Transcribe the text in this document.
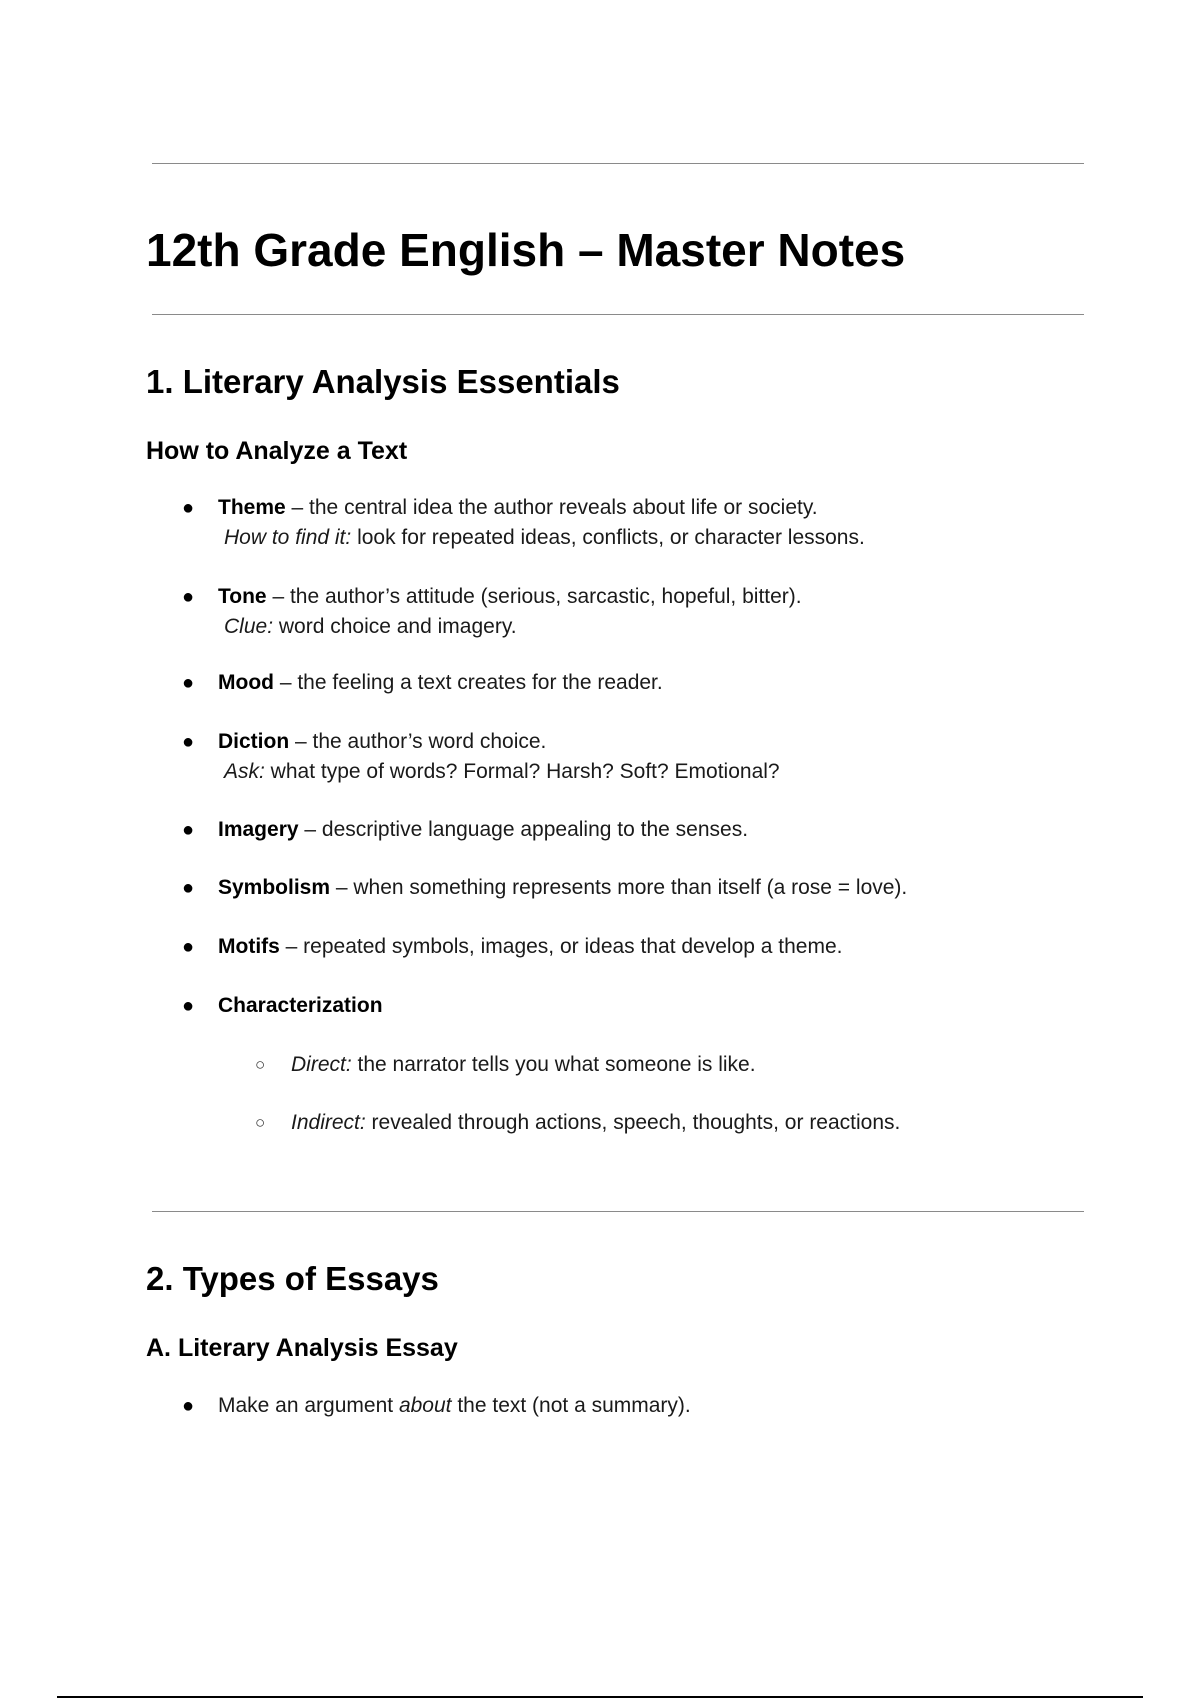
12th Grade English – Master Notes
1. Literary Analysis Essentials
How to Analyze a Text
● Theme – the central idea the author reveals about life or society.
How to find it: look for repeated ideas, conflicts, or character lessons.
● Tone – the author’s attitude (serious, sarcastic, hopeful, bitter).
Clue: word choice and imagery.
● Mood – the feeling a text creates for the reader.
● Diction – the author’s word choice.
Ask: what type of words? Formal? Harsh? Soft? Emotional?
● Imagery – descriptive language appealing to the senses.
● Symbolism – when something represents more than itself (a rose = love).
● Motifs – repeated symbols, images, or ideas that develop a theme.
● Characterization
○ Direct: the narrator tells you what someone is like.
○ Indirect: revealed through actions, speech, thoughts, or reactions.
2. Types of Essays
A. Literary Analysis Essay
● Make an argument about the text (not a summary).
